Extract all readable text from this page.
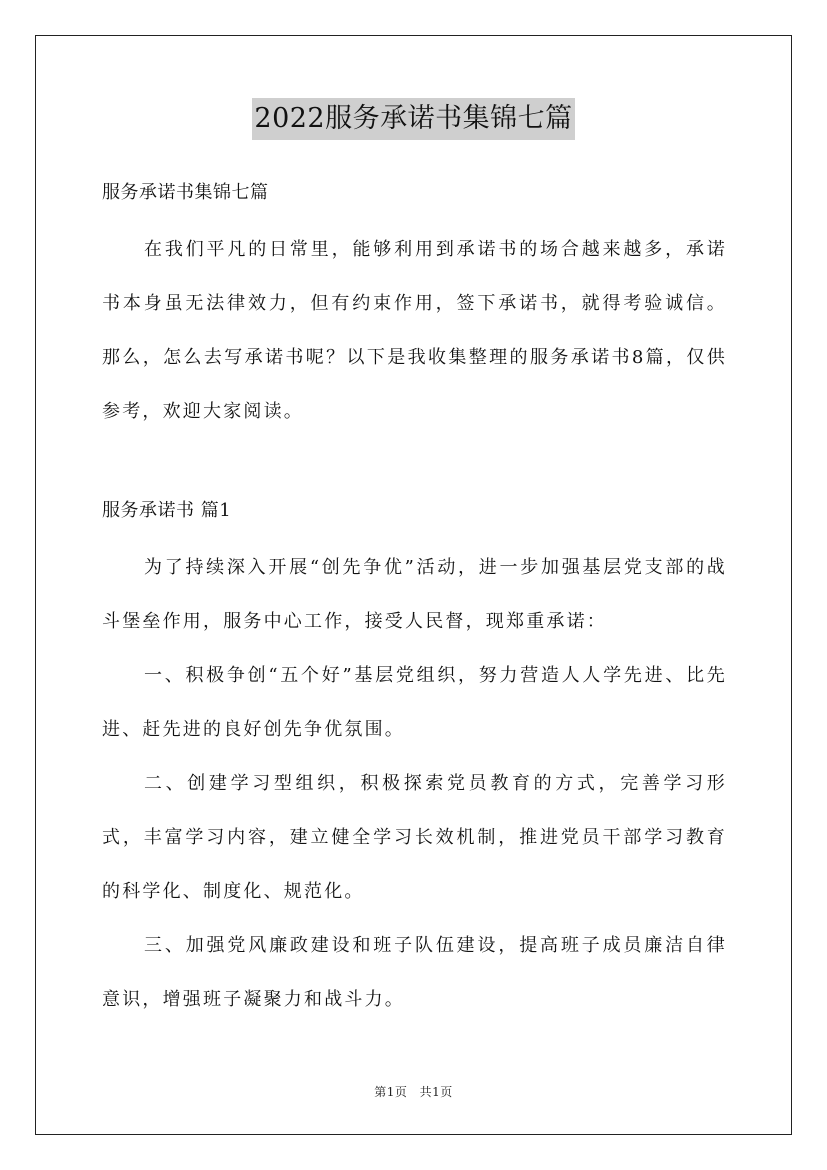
2022服务承诺书集锦七篇

服务承诺书集锦七篇

在我们平凡的日常里，能够利用到承诺书的场合越来越多，承诺书本身虽无法律效力，但有约束作用，签下承诺书，就得考验诚信。那么，怎么去写承诺书呢？以下是我收集整理的服务承诺书8篇，仅供参考，欢迎大家阅读。

服务承诺书 篇1

为了持续深入开展“创先争优”活动，进一步加强基层党支部的战斗堡垒作用，服务中心工作，接受人民督，现郑重承诺：

一、积极争创“五个好”基层党组织，努力营造人人学先进、比先进、赶先进的良好创先争优氛围。

二、创建学习型组织，积极探索党员教育的方式，完善学习形式，丰富学习内容，建立健全学习长效机制，推进党员干部学习教育的科学化、制度化、规范化。

三、加强党风廉政建设和班子队伍建设，提高班子成员廉洁自律意识，增强班子凝聚力和战斗力。

第1页 共1页
